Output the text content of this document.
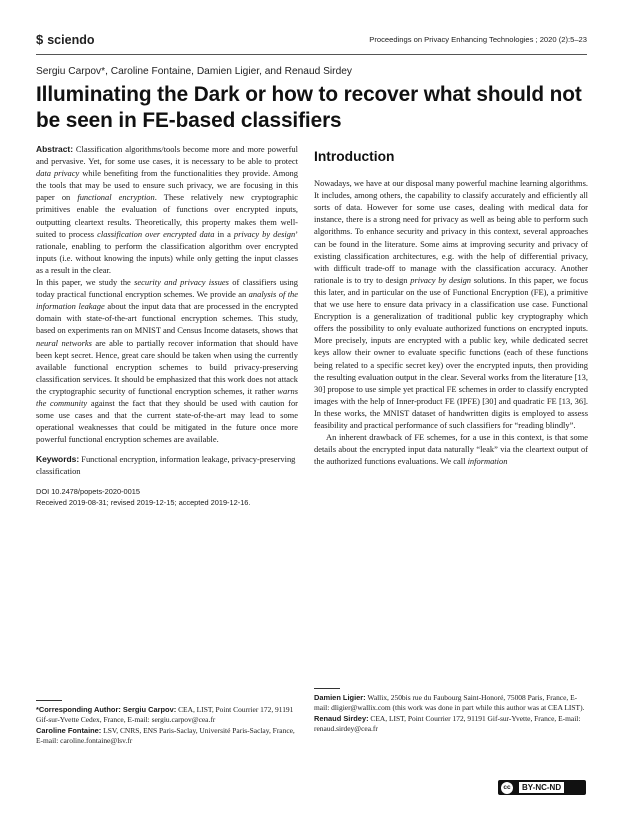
$ sciendo	Proceedings on Privacy Enhancing Technologies ; 2020 (2):5–23
Sergiu Carpov*, Caroline Fontaine, Damien Ligier, and Renaud Sirdey
Illuminating the Dark or how to recover what should not be seen in FE-based classifiers

Abstract: Classification algorithms/tools become more and more powerful and pervasive. Yet, for some use cases, it is necessary to be able to protect data privacy while benefiting from the functionalities they provide. Among the tools that may be used to ensure such privacy, we are focusing in this paper on functional encryption. These relatively new cryptographic primitives enable the evaluation of functions over encrypted inputs, outputting cleartext results. Theoretically, this property makes them well-suited to process classification over encrypted data in a privacy by design’ rationale, enabling to perform the classification algorithm over encrypted inputs (i.e. without knowing the inputs) while only getting the input classes as a result in the clear.

In this paper, we study the security and privacy issues of classifiers using today practical functional encryption schemes. We provide an analysis of the information leakage about the input data that are processed in the encrypted domain with state-of-the-art functional encryption schemes. This study, based on experiments ran on MNIST and Census Income datasets, shows that neural networks are able to partially recover information that should have been kept secret. Hence, great care should be taken when using the currently available functional encryption schemes to build privacy-preserving classification services. It should be emphasized that this work does not attack the cryptographic security of functional encryption schemes, it rather warns the community against the fact that they should be used with caution for some use cases and that the current state-of-the-art may lead to some operational weaknesses that could be mitigated in the future once more powerful functional encryption schemes are available.

Keywords: Functional encryption, information leakage, privacy-preserving classification

DOI 10.2478/popets-2020-0015
Received 2019-08-31; revised 2019-12-15; accepted 2019-12-16.
Introduction

Nowadays, we have at our disposal many powerful machine learning algorithms. It includes, among others, the capability to classify accurately and efficiently all sorts of data. However for some use cases, dealing with medical data for instance, there is a strong need for privacy as well as being able to perform such algorithms. To enhance security and privacy in this context, several approaches can be found in the literature. Some aims at improving security and privacy of existing classification architectures, e.g. with the help of differential privacy, with difficult trade-off to manage with the classification accuracy. Another rationale is to try to design privacy by design solutions. In this paper, we focus this later, and in particular on the use of Functional Encryption (FE), a primitive that we use here to ensure data privacy in a classification use case. Functional Encryption is a generalization of traditional public key cryptography which offers the possibility to only evaluate authorized functions on encrypted inputs. More precisely, inputs are encrypted with a public key, while dedicated secret keys allow their owner to evaluate specific functions (each of these functions being related to a specific secret key) over the encrypted inputs, then providing the resulting evaluation output in the clear. Several works from the literature [13, 30] propose to use simple yet practical FE schemes in order to classify encrypted images with the help of Inner-product FE (IPFE) [30] and quadratic FE [13, 36]. In these works, the MNIST dataset of handwritten digits is employed to assess feasibility and practical performance of such classifiers for “reading blindly”.

An inherent drawback of FE schemes, for a use in this context, is that some details about the encrypted input data naturally “leak” via the cleartext output of the authorized functions evaluations. We call information

*Corresponding Author: Sergiu Carpov: CEA, LIST, Point Courrier 172, 91191 Gif-sur-Yvette Cedex, France, E-mail: sergiu.carpov@cea.fr
Caroline Fontaine: LSV, CNRS, ENS Paris-Saclay, Université Paris-Saclay, France, E-mail: caroline.fontaine@lsv.fr
Damien Ligier: Wallix, 250bis rue du Faubourg Saint-Honoré, 75008 Paris, France, E-mail: dligier@wallix.com (this work was done in part while this author was at CEA LIST).
Renaud Sirdey: CEA, LIST, Point Courrier 172, 91191 Gif-sur-Yvette, France, E-mail: renaud.sirdey@cea.fr
cc	BY-NC-ND
